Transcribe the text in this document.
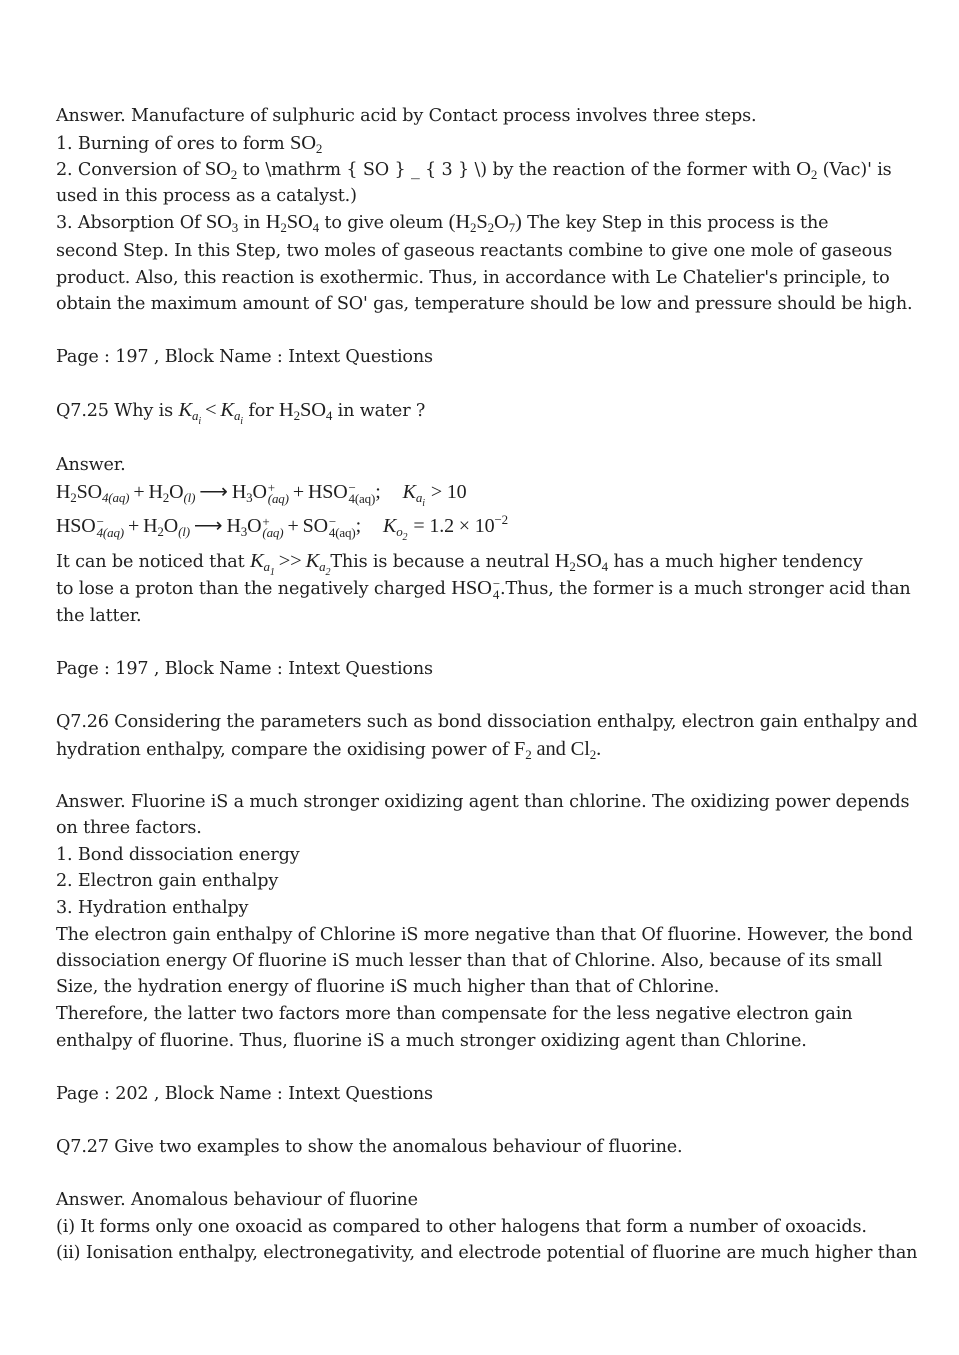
Answer. Manufacture of sulphuric acid by Contact process involves three steps.

1. Burning of ores to form $SO_2$

2. Conversion of $SO_2$ to \mathrm { SO } _ { 3 } \) by the reaction of the former with $O_2$ (Vac)' is

used in this process as a catalyst.)

3. Absorption Of $SO_3$ in $H_2SO_4$ to give oleum $(H_2S_2O_7)$ The key Step in this process is the

second Step. In this Step, two moles of gaseous reactants combine to give one mole of gaseous

product. Also, this reaction is exothermic. Thus, in accordance with Le Chatelier's principle, to

obtain the maximum amount of SO' gas, temperature should be low and pressure should be high.

Page : 197 , Block Name : Intext Questions

Q7.25 Why is $K_{a_i}< K_{a_i}$ for $H_2SO_4$ in water ?

Answer.

$H_2SO_{4(aq)} + H_2O_{(l)}$ ⟶ $H_3O$ +
(aq) + HSO −
4(aq) ; $K_{a_i}> 10$

HSO −
$4(aq) + H_2O_{(l)}$ ⟶ $H_3O$ +
(aq) + SO −
4(aq) ; $K_{o_2}= 1.2 \times 10^{-2}$

It can be noticed that $K_{a_1}>>$ $K_{a_2}This$ is because a neutral $H_2SO_4$ has a much higher tendency

to lose a proton than the negatively charged HSO −
4 .Thus, the former is a much stronger acid than

the latter.

Page : 197 , Block Name : Intext Questions

Q7.26 Considering the parameters such as bond dissociation enthalpy, electron gain enthalpy and

hydration enthalpy, compare the oxidising power of $F_2$ and $Cl_2$.

Answer. Fluorine iS a much stronger oxidizing agent than chlorine. The oxidizing power depends

on three factors.

1. Bond dissociation energy

2. Electron gain enthalpy

3. Hydration enthalpy

The electron gain enthalpy of Chlorine iS more negative than that Of fluorine. However, the bond

dissociation energy Of fluorine iS much lesser than that of Chlorine. Also, because of its small

Size, the hydration energy of fluorine iS much higher than that of Chlorine.

Therefore, the latter two factors more than compensate for the less negative electron gain

enthalpy of fluorine. Thus, fluorine iS a much stronger oxidizing agent than Chlorine.

Page : 202 , Block Name : Intext Questions

Q7.27 Give two examples to show the anomalous behaviour of fluorine.

Answer. Anomalous behaviour of fluorine

(i) It forms only one oxoacid as compared to other halogens that form a number of oxoacids.

(ii) Ionisation enthalpy, electronegativity, and electrode potential of fluorine are much higher than
